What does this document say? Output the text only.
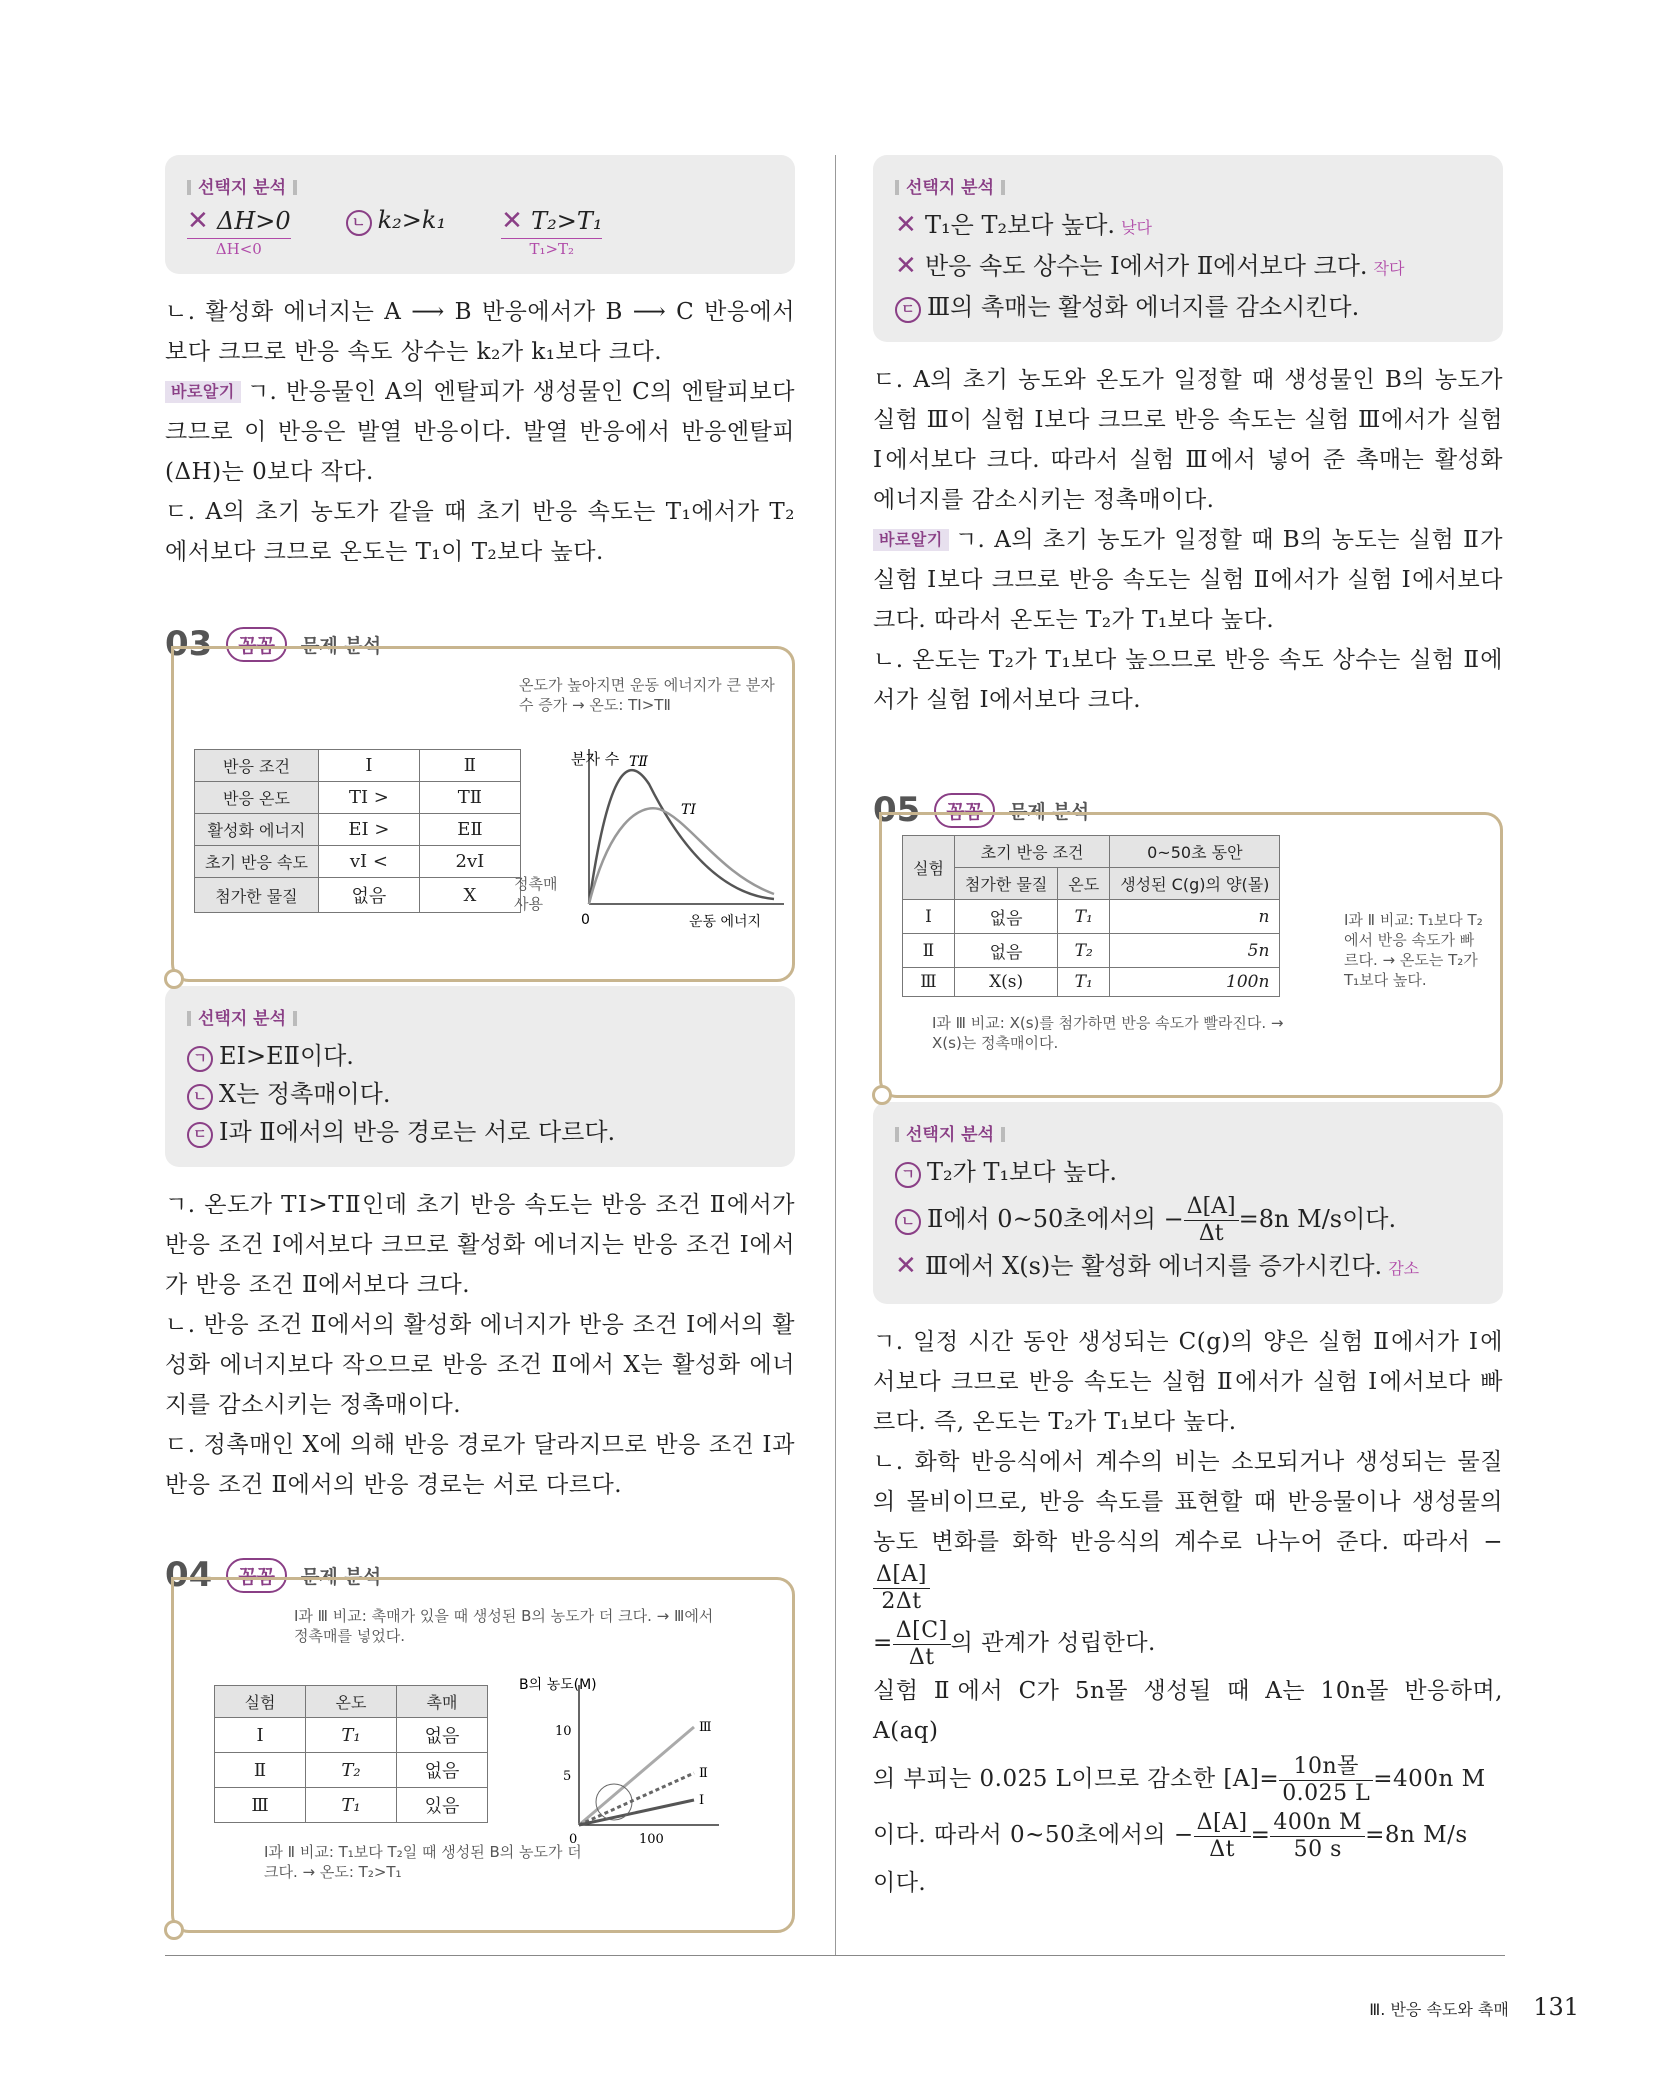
선택지 분석
✕ ΔH>0
ΔH<0
ㄴ k₂>k₁ ✕ T₂>T₁
T₁>T₂

ㄴ. 활성화 에너지는 A ⟶ B 반응에서가 B ⟶ C 반응에서보다 크므로 반응 속도 상수는 k₂가 k₁보다 크다.

바로알기 ㄱ. 반응물인 A의 엔탈피가 생성물인 C의 엔탈피보다 크므로 이 반응은 발열 반응이다. 발열 반응에서 반응엔탈피(ΔH)는 0보다 작다.

ㄷ. A의 초기 농도가 같을 때 초기 반응 속도는 T₁에서가 T₂에서보다 크므로 온도는 T₁이 T₂보다 높다.

03	꼼꼼	문제 분석
온도가 높아지면 운동 에너지가 큰 분자 수 증가 → 온도: TⅠ>TⅡ
반응 조건	Ⅰ	Ⅱ
반응 온도	TⅠ >	TⅡ
활성화 에너지	EⅠ >	EⅡ
초기 반응 속도	vⅠ <	2vⅠ
첨가한 물질	없음	X
정촉매 사용
분자 수
운동 에너지
0
TⅡ
TⅠ
선택지 분석
ㄱ EⅠ>EⅡ이다.
ㄴ X는 정촉매이다.
ㄷ Ⅰ과 Ⅱ에서의 반응 경로는 서로 다르다.

ㄱ. 온도가 TⅠ>TⅡ인데 초기 반응 속도는 반응 조건 Ⅱ에서가 반응 조건 Ⅰ에서보다 크므로 활성화 에너지는 반응 조건 Ⅰ에서가 반응 조건 Ⅱ에서보다 크다.

ㄴ. 반응 조건 Ⅱ에서의 활성화 에너지가 반응 조건 Ⅰ에서의 활성화 에너지보다 작으므로 반응 조건 Ⅱ에서 X는 활성화 에너지를 감소시키는 정촉매이다.

ㄷ. 정촉매인 X에 의해 반응 경로가 달라지므로 반응 조건 Ⅰ과 반응 조건 Ⅱ에서의 반응 경로는 서로 다르다.

04	꼼꼼	문제 분석
Ⅰ과 Ⅲ 비교: 촉매가 있을 때 생성된 B의 농도가 더 크다. → Ⅲ에서 정촉매를 넣었다.
실험	온도	촉매
Ⅰ	T₁	없음
Ⅱ	T₂	없음
Ⅲ	T₁	있음
Ⅰ과 Ⅱ 비교: T₁보다 T₂일 때 생성된 B의 농도가 더 크다. → 온도: T₂>T₁
B의 농도(M)
10
5
0	100
Ⅲ
Ⅱ
Ⅰ
선택지 분석
✕ T₁은 T₂보다 높다. 낮다
✕ 반응 속도 상수는 Ⅰ에서가 Ⅱ에서보다 크다. 작다
ㄷ Ⅲ의 촉매는 활성화 에너지를 감소시킨다.

ㄷ. A의 초기 농도와 온도가 일정할 때 생성물인 B의 농도가 실험 Ⅲ이 실험 Ⅰ보다 크므로 반응 속도는 실험 Ⅲ에서가 실험 Ⅰ에서보다 크다. 따라서 실험 Ⅲ에서 넣어 준 촉매는 활성화 에너지를 감소시키는 정촉매이다.

바로알기 ㄱ. A의 초기 농도가 일정할 때 B의 농도는 실험 Ⅱ가 실험 Ⅰ보다 크므로 반응 속도는 실험 Ⅱ에서가 실험 Ⅰ에서보다 크다. 따라서 온도는 T₂가 T₁보다 높다.

ㄴ. 온도는 T₂가 T₁보다 높으므로 반응 속도 상수는 실험 Ⅱ에서가 실험 Ⅰ에서보다 크다.

05	꼼꼼	문제 분석
실험	초기 반응 조건		0~50초 동안
	첨가한 물질	온도	생성된 C(g)의 양(몰)
Ⅰ	없음	T₁	n
Ⅱ	없음	T₂	5n
Ⅲ	X(s)	T₁	100n
Ⅰ과 Ⅱ 비교: T₁보다 T₂에서 반응 속도가 빠르다. → 온도는 T₂가 T₁보다 높다.
Ⅰ과 Ⅲ 비교: X(s)를 첨가하면 반응 속도가 빨라진다. → X(s)는 정촉매이다.
선택지 분석
ㄱ T₂가 T₁보다 높다.
ㄴ Ⅱ에서 0~50초에서의 − $\frac{\Delta[A]}{\Delta t} =8n$ M/s이다.
✕ Ⅲ에서 X(s)는 활성화 에너지를 증가시킨다. 감소

ㄱ. 일정 시간 동안 생성되는 C(g)의 양은 실험 Ⅱ에서가 Ⅰ에서보다 크므로 반응 속도는 실험 Ⅱ에서가 실험 Ⅰ에서보다 빠르다. 즉, 온도는 T₂가 T₁보다 높다.

ㄴ. 화학 반응식에서 계수의 비는 소모되거나 생성되는 물질의 몰비이므로, 반응 속도를 표현할 때 반응물이나 생성물의 농도 변화를 화학 반응식의 계수로 나누어 준다. 따라서 −
$\frac{\Delta[A]}{2\Delta t}$

= $\frac{\Delta[C]}{\Delta t}$ 의 관계가 성립한다.

실험 Ⅱ에서 C가 5n몰 생성될 때 A는 10n몰 반응하며, A(aq)

의 부피는 0.025 L이므로 감소한 $[A]= \frac{\text{10n몰}}{0.025 L} =400n$ M

이다. 따라서 0~50초에서의 − $\frac{\Delta[A]}{\Delta t} = \frac{\text{400n M}}{50 s} =8n$ M/s

이다.

Ⅲ. 반응 속도와 촉매 131
